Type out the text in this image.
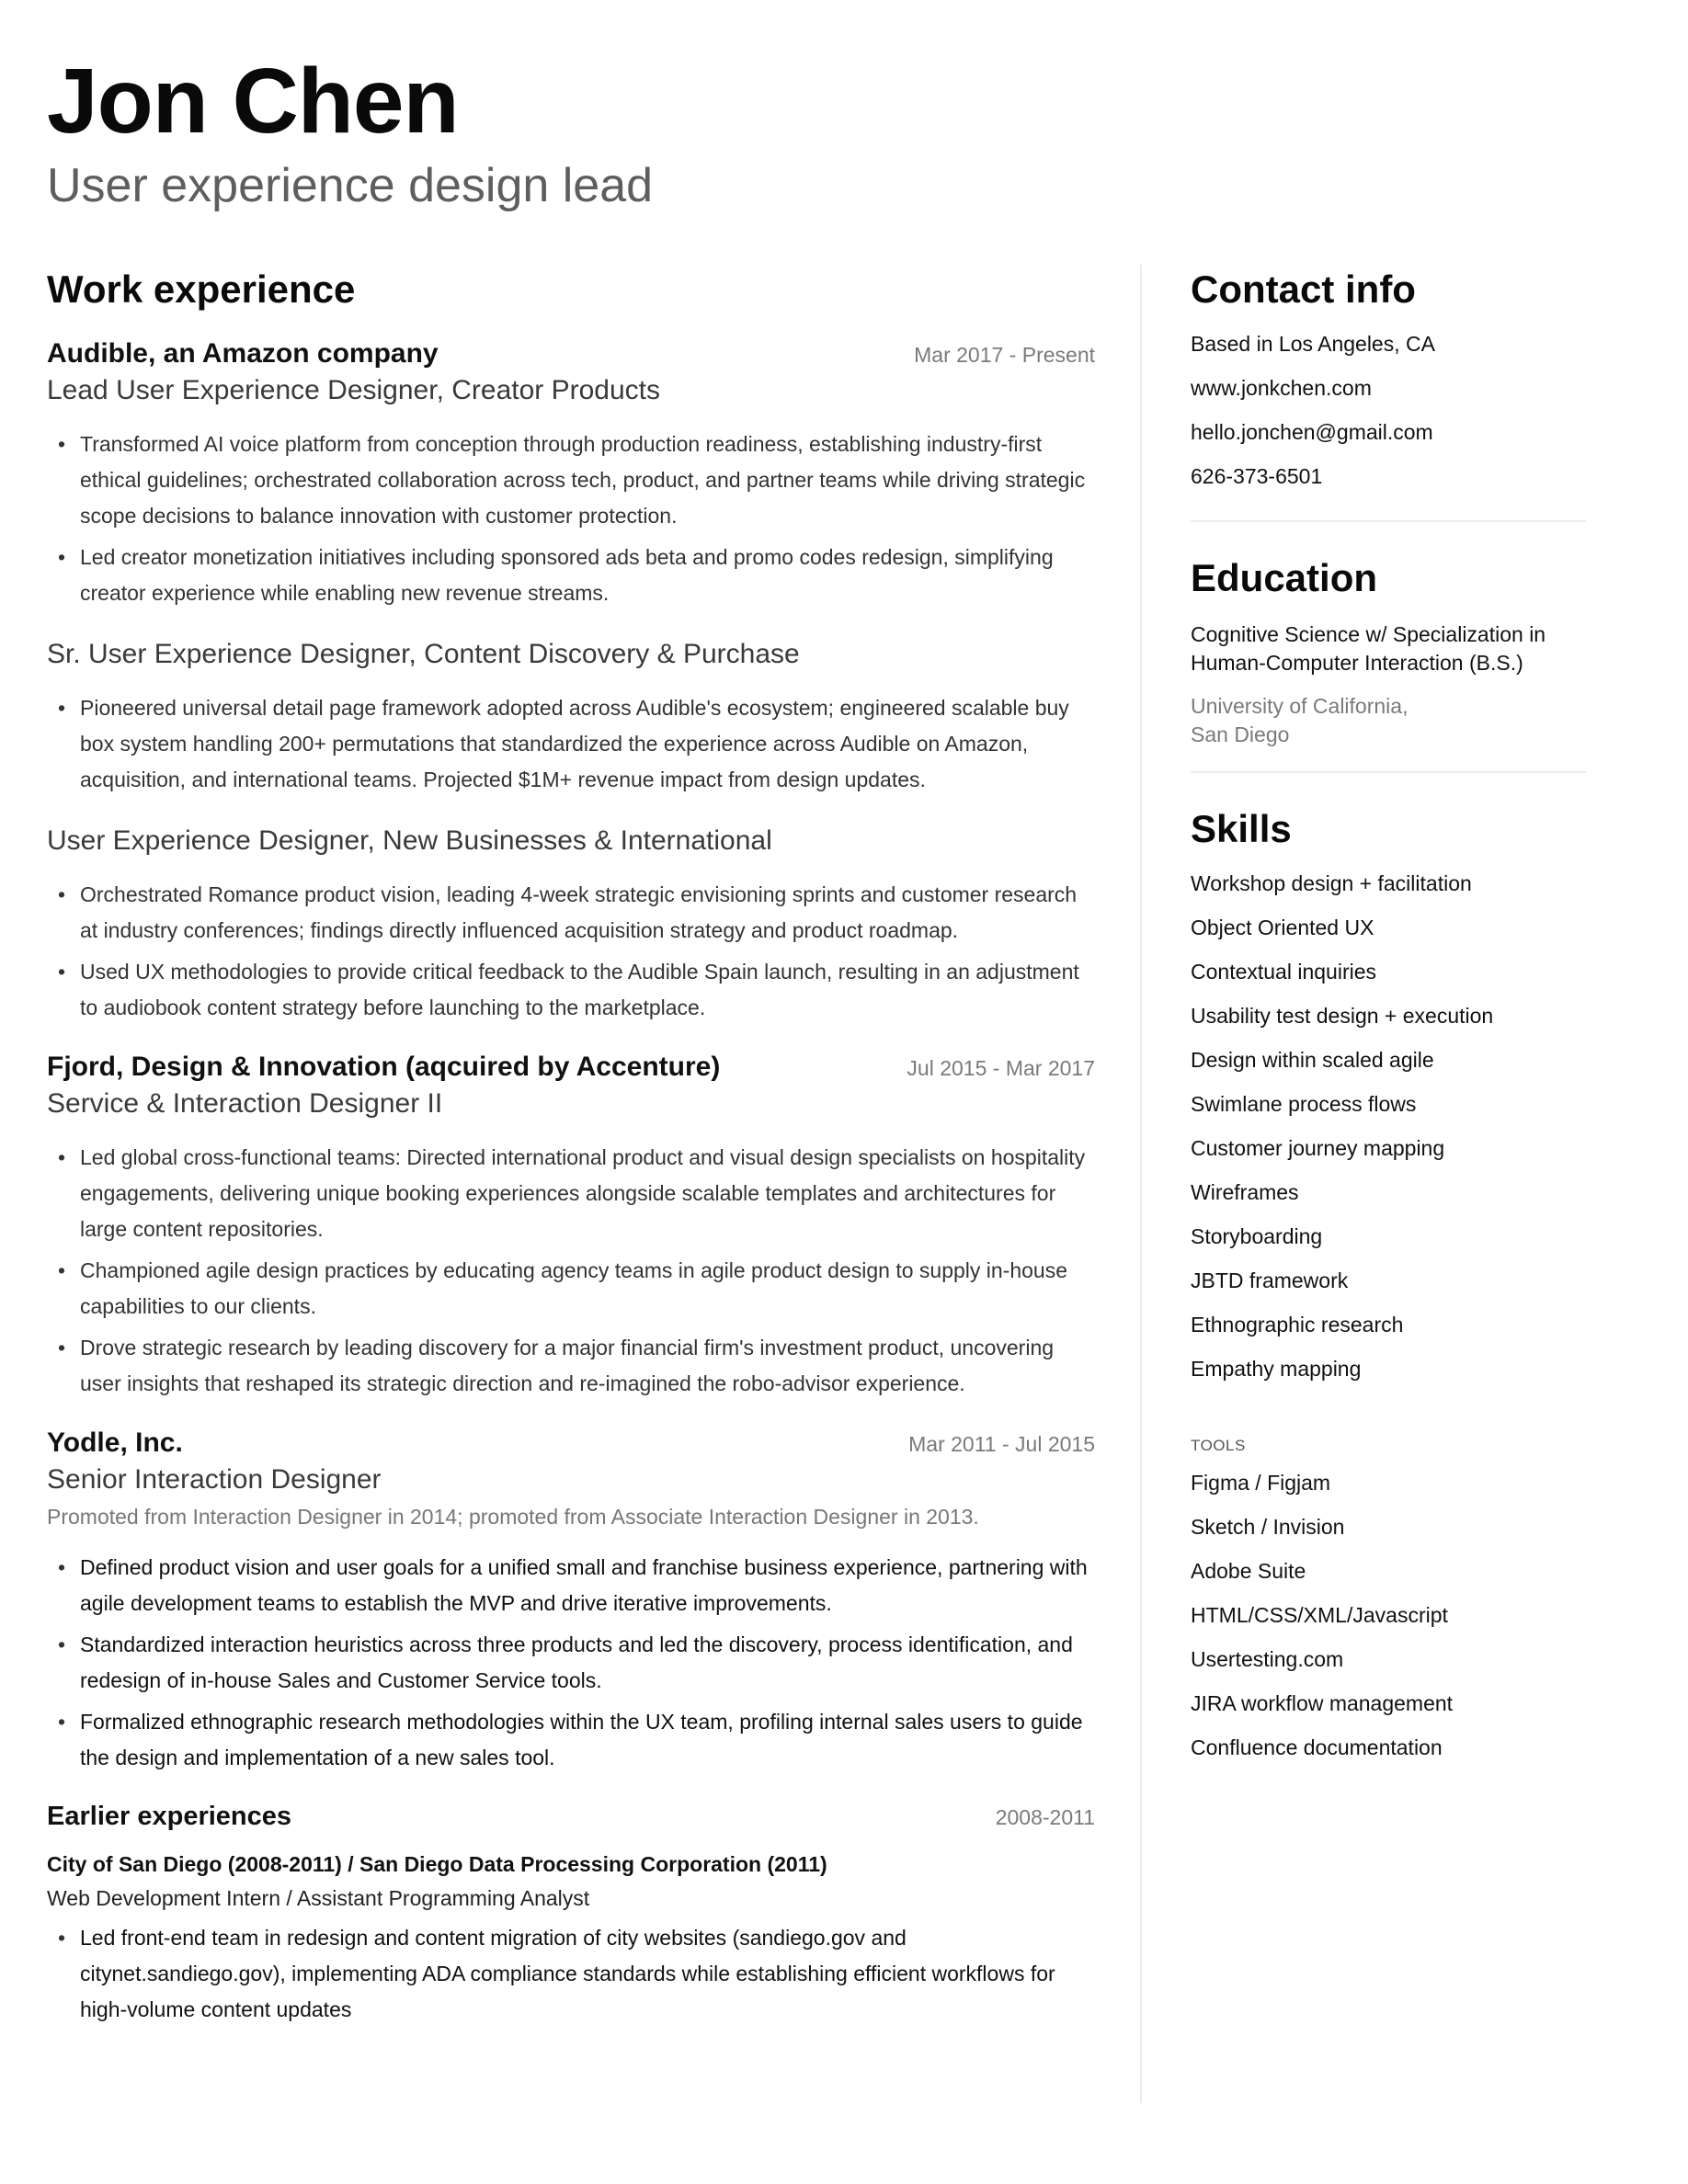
Jon Chen
User experience design lead
Work experience
Audible, an Amazon company	Mar 2017 - Present
Lead User Experience Designer, Creator Products
• Transformed AI voice platform from conception through production readiness, establishing industry-first ethical guidelines; orchestrated collaboration across tech, product, and partner teams while driving strategic scope decisions to balance innovation with customer protection.
• Led creator monetization initiatives including sponsored ads beta and promo codes redesign, simplifying creator experience while enabling new revenue streams.
Sr. User Experience Designer, Content Discovery & Purchase
• Pioneered universal detail page framework adopted across Audible's ecosystem; engineered scalable buy box system handling 200+ permutations that standardized the experience across Audible on Amazon, acquisition, and international teams. Projected $1M+ revenue impact from design updates.
User Experience Designer, New Businesses & International
• Orchestrated Romance product vision, leading 4-week strategic envisioning sprints and customer research at industry conferences; findings directly influenced acquisition strategy and product roadmap.
• Used UX methodologies to provide critical feedback to the Audible Spain launch, resulting in an adjustment to audiobook content strategy before launching to the marketplace.
Fjord, Design & Innovation (aqcuired by Accenture)	Jul 2015 - Mar 2017
Service & Interaction Designer II
• Led global cross-functional teams: Directed international product and visual design specialists on hospitality engagements, delivering unique booking experiences alongside scalable templates and architectures for large content repositories.
• Championed agile design practices by educating agency teams in agile product design to supply in-house capabilities to our clients.
• Drove strategic research by leading discovery for a major financial firm's investment product, uncovering user insights that reshaped its strategic direction and re-imagined the robo-advisor experience.
Yodle, Inc.	Mar 2011 - Jul 2015
Senior Interaction Designer
Promoted from Interaction Designer in 2014; promoted from Associate Interaction Designer in 2013.
• Defined product vision and user goals for a unified small and franchise business experience, partnering with agile development teams to establish the MVP and drive iterative improvements.
• Standardized interaction heuristics across three products and led the discovery, process identification, and redesign of in-house Sales and Customer Service tools.
• Formalized ethnographic research methodologies within the UX team, profiling internal sales users to guide the design and implementation of a new sales tool.
Earlier experiences	2008-2011
City of San Diego (2008-2011) / San Diego Data Processing Corporation (2011)
Web Development Intern / Assistant Programming Analyst
• Led front-end team in redesign and content migration of city websites (sandiego.gov and citynet.sandiego.gov), implementing ADA compliance standards while establishing efficient workflows for high-volume content updates
Contact info
Based in Los Angeles, CA
www.jonkchen.com
hello.jonchen@gmail.com
626-373-6501
Education
Cognitive Science w/ Specialization in Human-Computer Interaction (B.S.)
University of California,
San Diego
Skills
Workshop design + facilitation
Object Oriented UX
Contextual inquiries
Usability test design + execution
Design within scaled agile
Swimlane process flows
Customer journey mapping
Wireframes
Storyboarding
JBTD framework
Ethnographic research
Empathy mapping
TOOLS
Figma / Figjam
Sketch / Invision
Adobe Suite
HTML/CSS/XML/Javascript
Usertesting.com
JIRA workflow management
Confluence documentation
